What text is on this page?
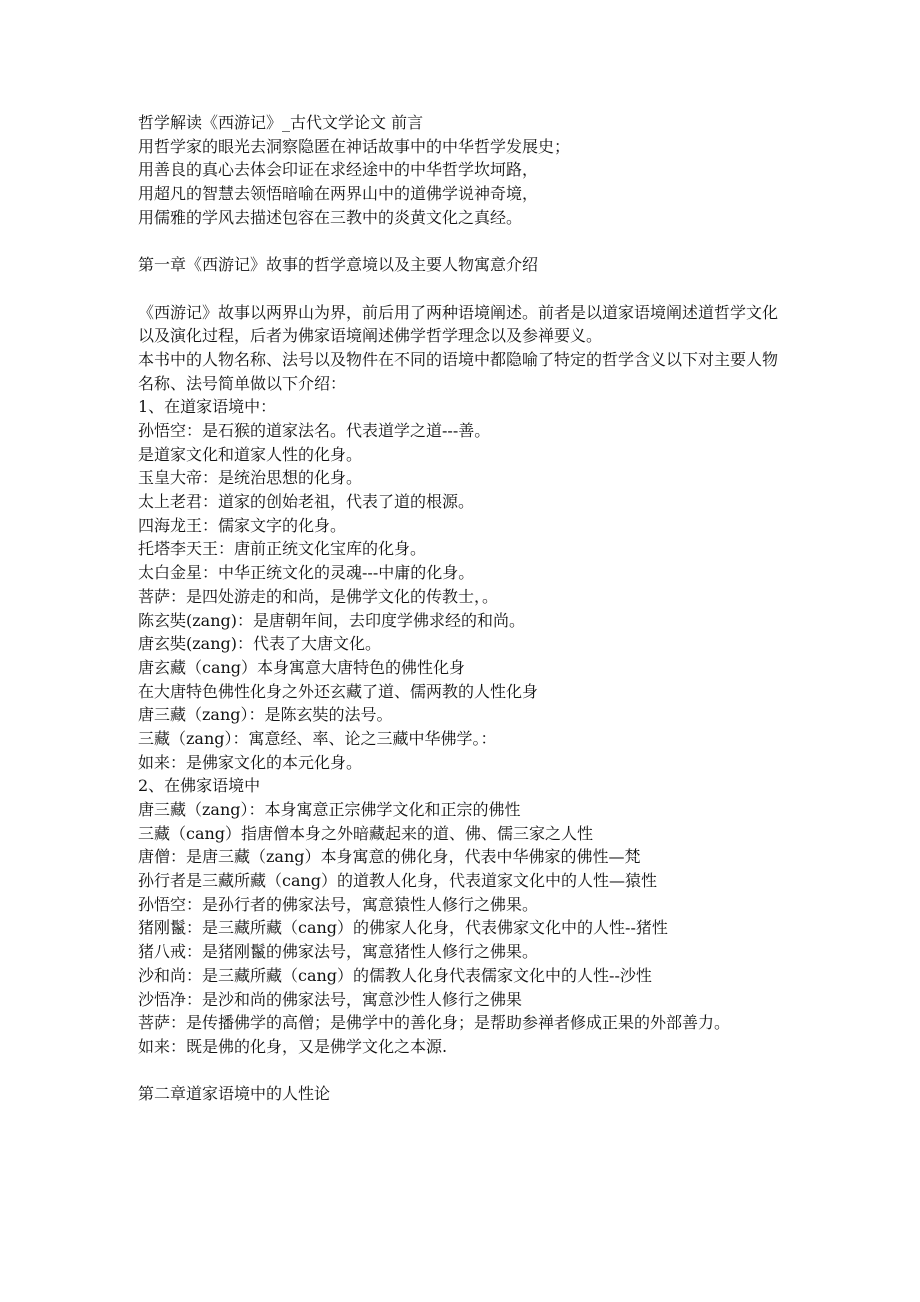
哲学解读《西游记》_古代文学论文 前言
用哲学家的眼光去洞察隐匿在神话故事中的中华哲学发展史；
用善良的真心去体会印证在求经途中的中华哲学坎坷路，
用超凡的智慧去领悟暗喻在两界山中的道佛学说神奇境，
用儒雅的学风去描述包容在三教中的炎黄文化之真经。
第一章《西游记》故事的哲学意境以及主要人物寓意介绍
《西游记》故事以两界山为界，前后用了两种语境阐述。前者是以道家语境阐述道哲学文化以及演化过程，后者为佛家语境阐述佛学哲学理念以及参禅要义。
本书中的人物名称、法号以及物件在不同的语境中都隐喻了特定的哲学含义以下对主要人物名称、法号简单做以下介绍：
1、在道家语境中：
孙悟空：是石猴的道家法名。代表道学之道---善。
是道家文化和道家人性的化身。
玉皇大帝：是统治思想的化身。
太上老君：道家的创始老祖，代表了道的根源。
四海龙王：儒家文字的化身。
托塔李天王：唐前正统文化宝库的化身。
太白金星：中华正统文化的灵魂---中庸的化身。
菩萨：是四处游走的和尚，是佛学文化的传教士，。
陈玄奘(zang)：是唐朝年间，去印度学佛求经的和尚。
唐玄奘(zang)：代表了大唐文化。
唐玄藏（cang）本身寓意大唐特色的佛性化身
在大唐特色佛性化身之外还玄藏了道、儒两教的人性化身
唐三藏（zang）：是陈玄奘的法号。
三藏（zang）：寓意经、率、论之三藏中华佛学。：
如来：是佛家文化的本元化身。
2、在佛家语境中
唐三藏（zang）：本身寓意正宗佛学文化和正宗的佛性
三藏（cang）指唐僧本身之外暗藏起来的道、佛、儒三家之人性
唐僧：是唐三藏（zang）本身寓意的佛化身，代表中华佛家的佛性—梵
孙行者是三藏所藏（cang）的道教人化身，代表道家文化中的人性—猿性
孙悟空：是孙行者的佛家法号，寓意猿性人修行之佛果。
猪刚鬣：是三藏所藏（cang）的佛家人化身，代表佛家文化中的人性--猪性
猪八戒：是猪刚鬣的佛家法号，寓意猪性人修行之佛果。
沙和尚：是三藏所藏（cang）的儒教人化身代表儒家文化中的人性--沙性
沙悟净：是沙和尚的佛家法号，寓意沙性人修行之佛果
菩萨：是传播佛学的高僧；是佛学中的善化身；是帮助参禅者修成正果的外部善力。
如来：既是佛的化身，又是佛学文化之本源.
第二章道家语境中的人性论
